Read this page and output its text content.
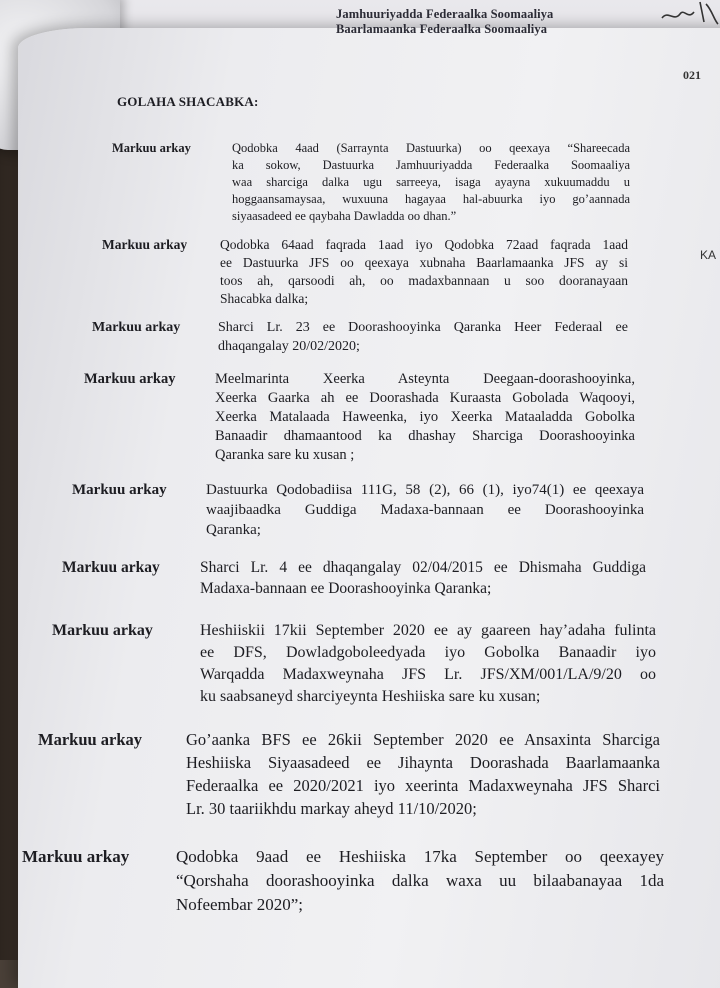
Jamhuuriyadda Federaalka Soomaaliya
Baarlamaanka Federaalka Soomaaliya
021
KA
GOLAHA SHACABKA:
Markuu arkay	Qodobka 4aad (Sarraynta Dastuurka) oo qeexaya “Shareecada
ka sokow, Dastuurka Jamhuuriyadda Federaalka Soomaaliya
waa sharciga dalka ugu sarreeya, isaga ayayna xukuumaddu u
hoggaansamaysaa, wuxuuna hagayaa hal-abuurka iyo go’aannada
siyaasadeed ee qaybaha Dawladda oo dhan.”
Markuu arkay Qodobka 64aad faqrada 1aad iyo Qodobka 72aad faqrada 1aad
ee Dastuurka JFS oo qeexaya xubnaha Baarlamaanka JFS ay si
toos ah, qarsoodi ah, oo madaxbannaan u soo dooranayaan
Shacabka dalka;
Markuu arkay	Sharci Lr. 23 ee Doorashooyinka Qaranka Heer Federaal ee
dhaqangalay 20/02/2020;
Markuu arkay	Meelmarinta Xeerka Asteynta Deegaan-doorashooyinka,
Xeerka Gaarka ah ee Doorashada Kuraasta Gobolada Waqooyi,
Xeerka Matalaada Haweenka, iyo Xeerka Mataaladda Gobolka
Banaadir dhamaantood ka dhashay Sharciga Doorashooyinka
Qaranka sare ku xusan ;
Markuu arkay	Dastuurka Qodobadiisa 111G, 58 (2), 66 (1), iyo74(1) ee qeexaya
waajibaadka Guddiga Madaxa-bannaan ee Doorashooyinka
Qaranka;
Markuu arkay	Sharci Lr. 4 ee dhaqangalay 02/04/2015 ee Dhismaha Guddiga
Madaxa-bannaan ee Doorashooyinka Qaranka;
Markuu arkay	Heshiiskii 17kii September 2020 ee ay gaareen hay’adaha fulinta
ee DFS, Dowladgoboleedyada iyo Gobolka Banaadir iyo
Warqadda Madaxweynaha JFS Lr. JFS/XM/001/LA/9/20 oo
ku saabsaneyd sharciyeynta Heshiiska sare ku xusan;
Markuu arkay	Go’aanka BFS ee 26kii September 2020 ee Ansaxinta Sharciga
Heshiiska Siyaasadeed ee Jihaynta Doorashada Baarlamaanka
Federaalka ee 2020/2021 iyo xeerinta Madaxweynaha JFS Sharci
Lr. 30 taariikhdu markay aheyd 11/10/2020;
Markuu arkay	Qodobka 9aad ee Heshiiska 17ka September oo qeexayey
“Qorshaha doorashooyinka dalka waxa uu bilaabanayaa 1da
Nofeembar 2020”;
